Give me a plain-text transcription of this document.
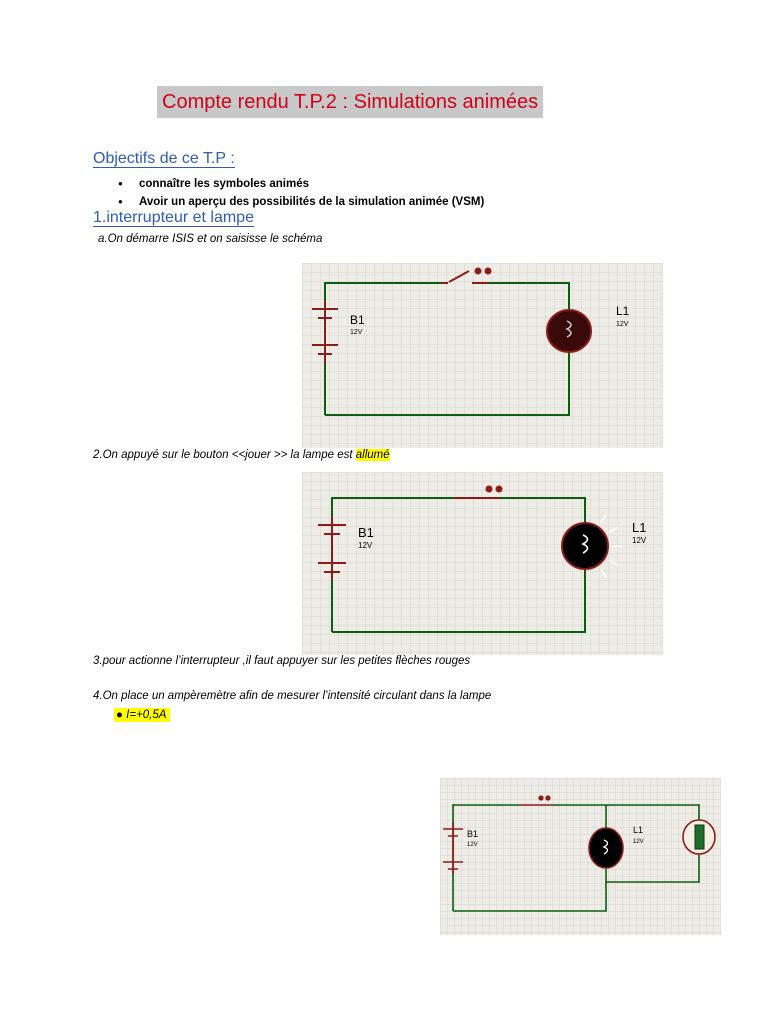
Compte rendu T.P.2 : Simulations animées
Objectifs de ce T.P :
● connaître les symboles animés
● Avoir un aperçu des possibilités de la simulation animée (VSM)
1.interrupteur et lampe
a.On démarre ISIS et on saisisse le schéma
B1
12V
L1
12V
2.On appuyé sur le bouton <<jouer >> la lampe est allumé
B1
12V
L1
12V
3.pour actionne l’interrupteur ,il faut appuyer sur les petites flèches rouges
4.On place un ampèremètre afin de mesurer l’intensité circulant dans la lampe
● I=+0,5A
B1
12V
L1
12V
